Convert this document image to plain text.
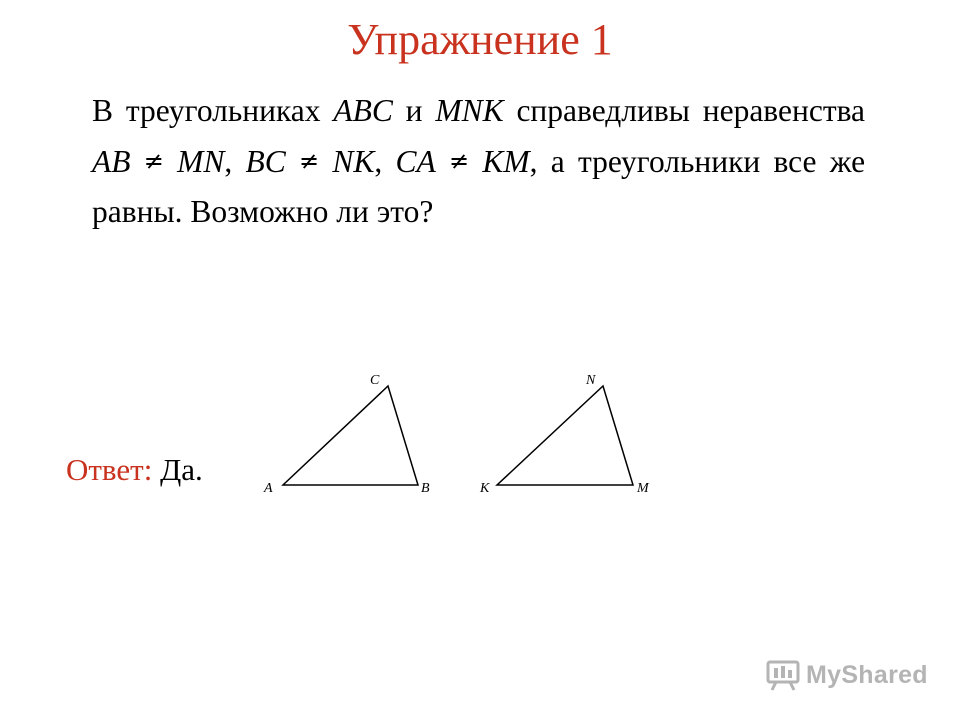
Упражнение 1
В треугольниках ABC и MNK справедливы неравенства AB ≠ MN, BC ≠ NK, CA ≠ KM, а треугольники все же равны. Возможно ли это?
Ответ: Да.
A	B
C
K	M
N
MyShared
